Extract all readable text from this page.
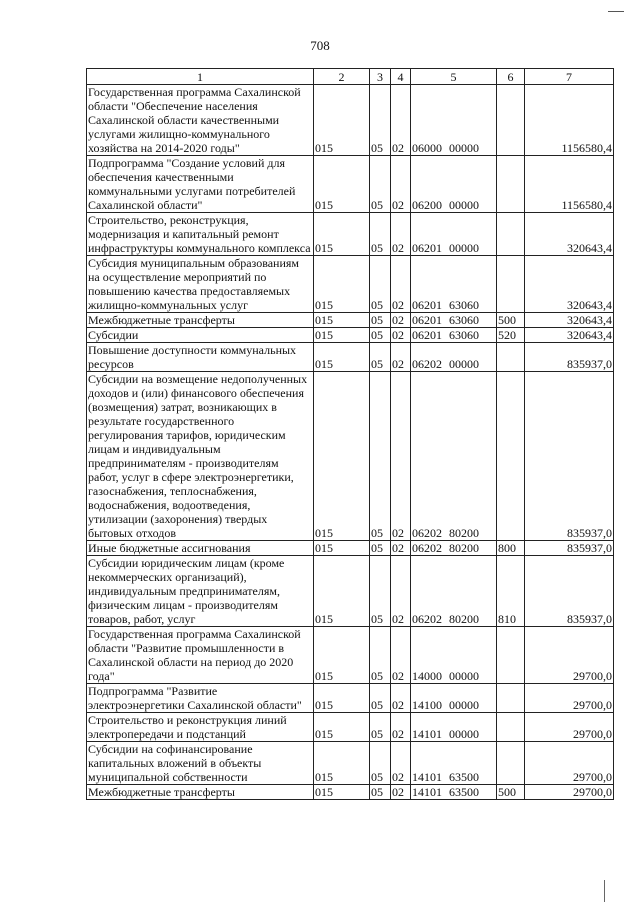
708
1	2	3	4	5	6	7
Государственная программа Сахалинской области "Обеспечение населения Сахалинской области качественными услугами жилищно-коммунального хозяйства на 2014-2020 годы"	015	05	02	06000 00000		1156580,4
Подпрограмма "Создание условий для обеспечения качественными коммунальными услугами потребителей Сахалинской области"	015	05	02	06200 00000		1156580,4
Строительство, реконструкция, модернизация и капитальный ремонт инфраструктуры коммунального комплекса	015	05	02	06201 00000		320643,4
Субсидия муниципальным образованиям на осуществление мероприятий по повышению качества предоставляемых жилищно-коммунальных услуг	015	05	02	06201 63060		320643,4
Межбюджетные трансферты	015	05	02	06201 63060	500	320643,4
Субсидии	015	05	02	06201 63060	520	320643,4
Повышение доступности коммунальных ресурсов	015	05	02	06202 00000		835937,0
Субсидии на возмещение недополученных доходов и (или) финансового обеспечения (возмещения) затрат, возникающих в результате государственного регулирования тарифов, юридическим лицам и индивидуальным предпринимателям - производителям работ, услуг в сфере электроэнергетики, газоснабжения, теплоснабжения, водоснабжения, водоотведения, утилизации (захоронения) твердых бытовых отходов	015	05	02	06202 80200		835937,0
Иные бюджетные ассигнования	015	05	02	06202 80200	800	835937,0
Субсидии юридическим лицам (кроме некоммерческих организаций), индивидуальным предпринимателям, физическим лицам - производителям товаров, работ, услуг	015	05	02	06202 80200	810	835937,0
Государственная программа Сахалинской области "Развитие промышленности в Сахалинской области на период до 2020 года"	015	05	02	14000 00000		29700,0
Подпрограмма "Развитие электроэнергетики Сахалинской области"	015	05	02	14100 00000		29700,0
Строительство и реконструкция линий электропередачи и подстанций	015	05	02	14101 00000		29700,0
Субсидии на софинансирование капитальных вложений в объекты муниципальной собственности	015	05	02	14101 63500		29700,0
Межбюджетные трансферты	015	05	02	14101 63500	500	29700,0
